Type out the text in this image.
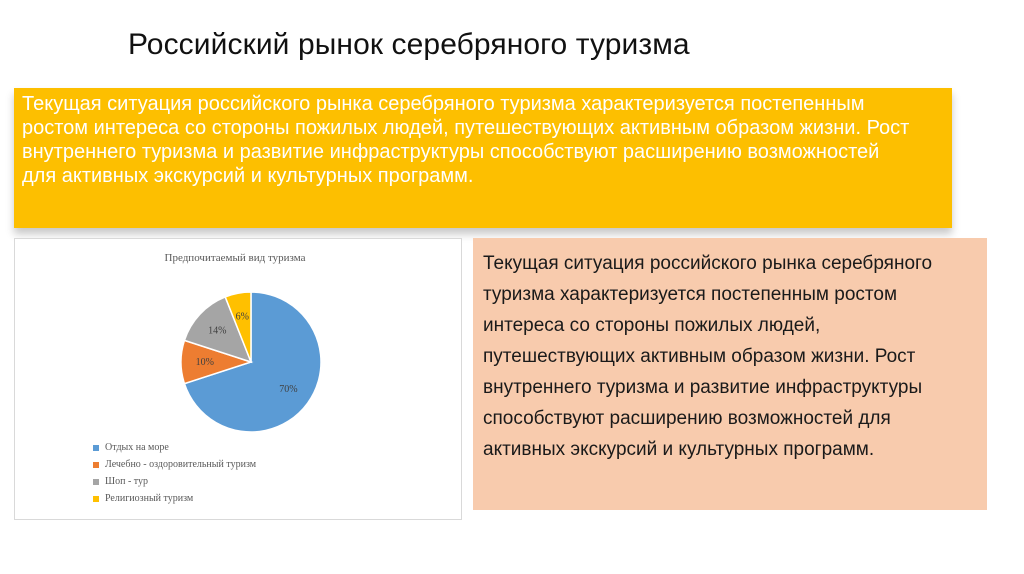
Российский рынок серебряного туризма
Текущая ситуация российского рынка серебряного туризма характеризуется постепенным ростом интереса со стороны пожилых людей, путешествующих активным образом жизни. Рост внутреннего туризма и развитие инфраструктуры способствуют расширению возможностей для активных экскурсий и культурных программ.
Предпочитаемый вид туризма
70%
10%
14%
6%
Отдых на море
Лечебно - оздоровительный туризм
Шоп - тур
Религиозный туризм
Текущая ситуация российского рынка серебряного туризма характеризуется постепенным ростом интереса со стороны пожилых людей, путешествующих активным образом жизни. Рост внутреннего туризма и развитие инфраструктуры способствуют расширению возможностей для активных экскурсий и культурных программ.
